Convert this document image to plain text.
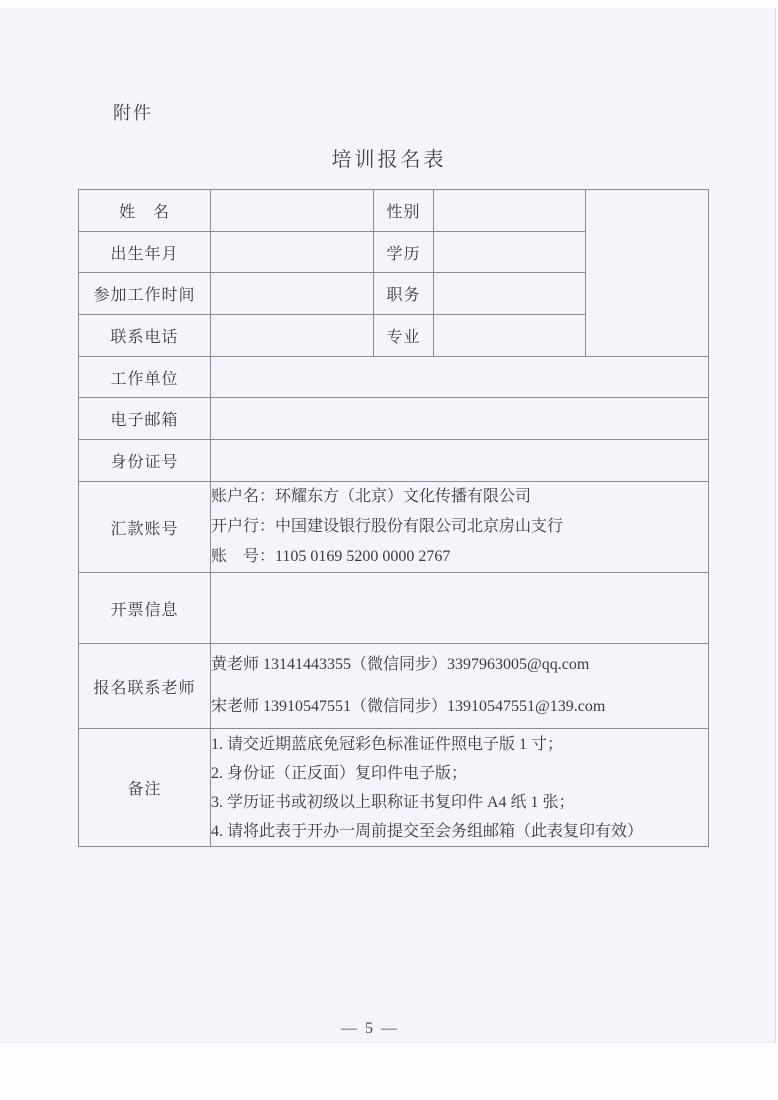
附件
培训报名表
姓　名		性别		
出生年月		学历		
参加工作时间		职务		
联系电话		专业		
工作单位				
电子邮箱				
身份证号				
汇款账号	账户名：环耀东方（北京）文化传播有限公司
开户行：中国建设银行股份有限公司北京房山支行
账　号：1105 0169 5200 0000 2767			

开票信息				
报名联系老师	黄老师 13141443355（微信同步）3397963005@qq.com
宋老师 13910547551（微信同步）13910547551@139.com			

备注	1. 请交近期蓝底免冠彩色标准证件照电子版 1 寸；
2. 身份证（正反面）复印件电子版；
3. 学历证书或初级以上职称证书复印件 A4 纸 1 张；
4. 请将此表于开办一周前提交至会务组邮箱（此表复印有效）			
— 5 —
